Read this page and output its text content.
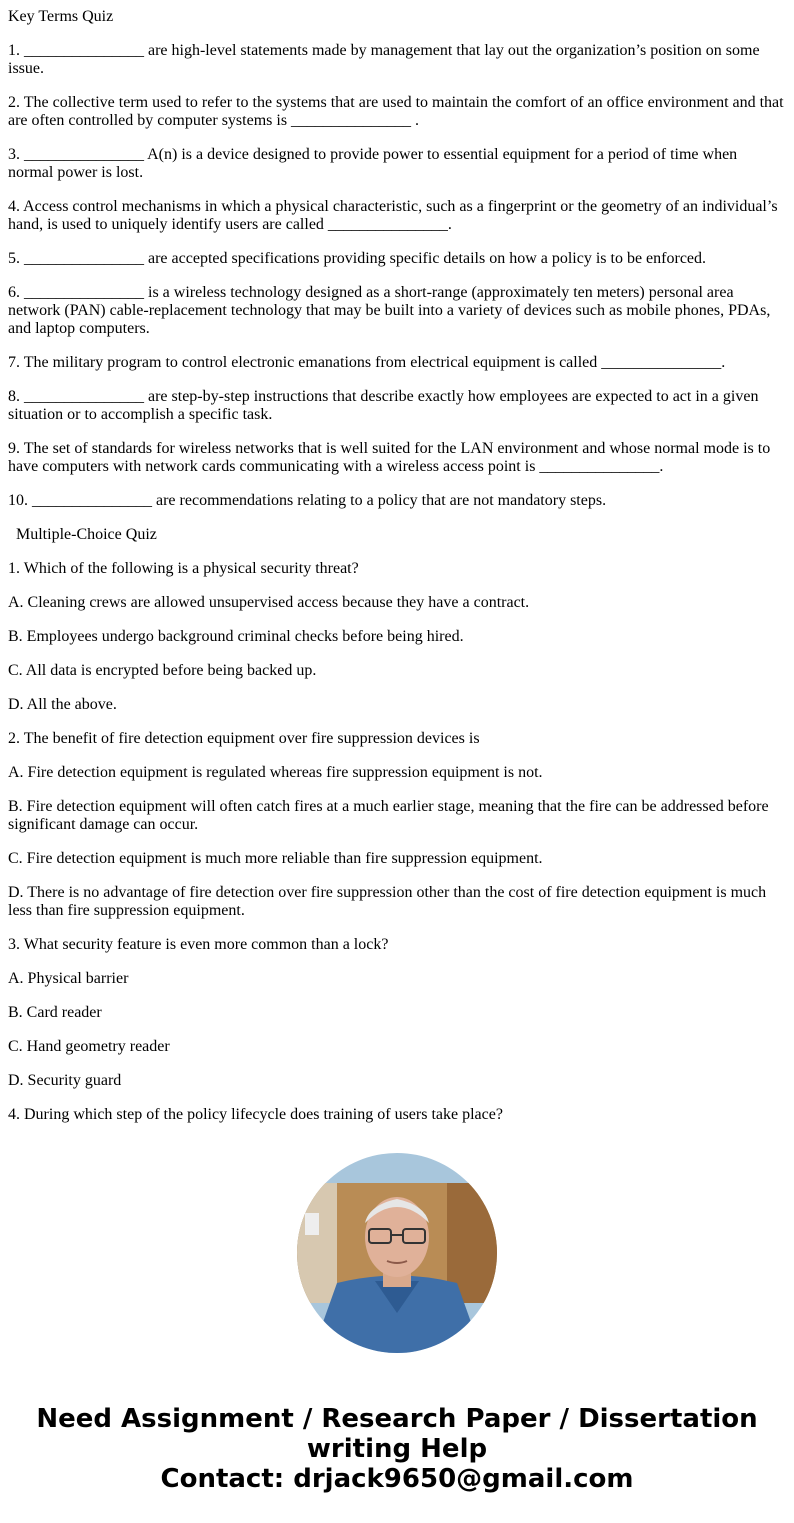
Key Terms Quiz
1. _______________ are high-level statements made by management that lay out the organization’s position on some issue.
2. The collective term used to refer to the systems that are used to maintain the comfort of an office environment and that are often controlled by computer systems is _______________ .
3. _______________ A(n) is a device designed to provide power to essential equipment for a period of time when normal power is lost.
4. Access control mechanisms in which a physical characteristic, such as a fingerprint or the geometry of an individual’s hand, is used to uniquely identify users are called _______________.
5. _______________ are accepted specifications providing specific details on how a policy is to be enforced.
6. _______________ is a wireless technology designed as a short-range (approximately ten meters) personal area network (PAN) cable-replacement technology that may be built into a variety of devices such as mobile phones, PDAs, and laptop computers.
7. The military program to control electronic emanations from electrical equipment is called _______________.
8. _______________ are step-by-step instructions that describe exactly how employees are expected to act in a given situation or to accomplish a specific task.
9. The set of standards for wireless networks that is well suited for the LAN environment and whose normal mode is to have computers with network cards communicating with a wireless access point is _______________.
10. _______________ are recommendations relating to a policy that are not mandatory steps.
Multiple-Choice Quiz
1. Which of the following is a physical security threat?
A. Cleaning crews are allowed unsupervised access because they have a contract.
B. Employees undergo background criminal checks before being hired.
C. All data is encrypted before being backed up.
D. All the above.
2. The benefit of fire detection equipment over fire suppression devices is
A. Fire detection equipment is regulated whereas fire suppression equipment is not.
B. Fire detection equipment will often catch fires at a much earlier stage, meaning that the fire can be addressed before significant damage can occur.
C. Fire detection equipment is much more reliable than fire suppression equipment.
D. There is no advantage of fire detection over fire suppression other than the cost of fire detection equipment is much less than fire suppression equipment.
3. What security feature is even more common than a lock?
A. Physical barrier
B. Card reader
C. Hand geometry reader
D. Security guard
4. During which step of the policy lifecycle does training of users take place?
Need Assignment / Research Paper / Dissertation
writing Help
Contact: drjack9650@gmail.com
